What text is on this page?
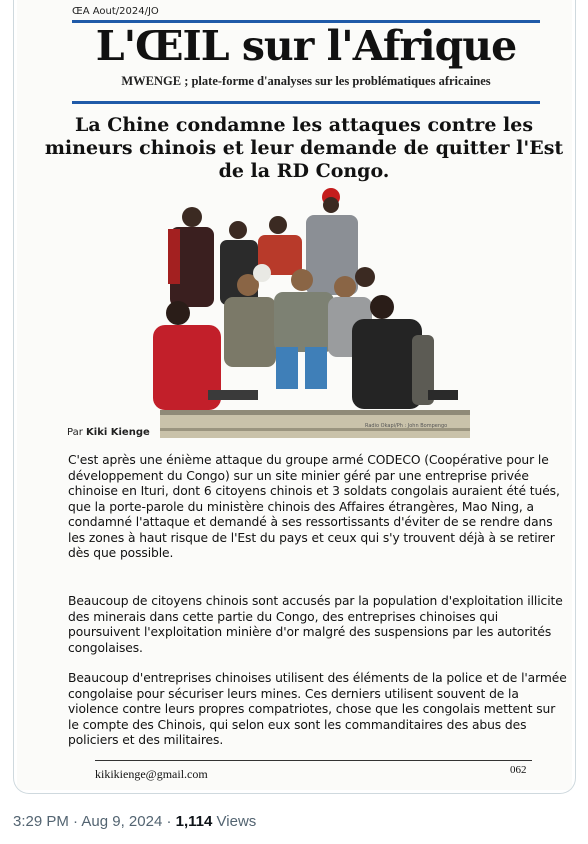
ŒA Aout/2024/JO
L'ŒIL sur l'Afrique
MWENGE ; plate-forme d'analyses sur les problématiques africaines
La Chine condamne les attaques contre les mineurs chinois et leur demande de quitter l'Est de la RD Congo.
Radio Okapi/Ph : John Bompengo
Par Kiki Kienge

C'est après une énième attaque du groupe armé CODECO (Coopérative pour le développement du Congo) sur un site minier géré par une entreprise privée chinoise en Ituri, dont 6 citoyens chinois et 3 soldats congolais auraient été tués, que la porte-parole du ministère chinois des Affaires étrangères, Mao Ning, a condamné l'attaque et demandé à ses ressortissants d'éviter de se rendre dans les zones à haut risque de l'Est du pays et ceux qui s'y trouvent déjà à se retirer dès que possible.

Beaucoup de citoyens chinois sont accusés par la population d'exploitation illicite des minerais dans cette partie du Congo, des entreprises chinoises qui poursuivent l'exploitation minière d'or malgré des suspensions par les autorités congolaises.

Beaucoup d'entreprises chinoises utilisent des éléments de la police et de l'armée congolaise pour sécuriser leurs mines. Ces derniers utilisent souvent de la violence contre leurs propres compatriotes, chose que les congolais mettent sur le compte des Chinois, qui selon eux sont les commanditaires des abus des policiers et des militaires.

kikikienge@gmail.com	062
3:29 PM · Aug 9, 2024 · 1,114 Views
